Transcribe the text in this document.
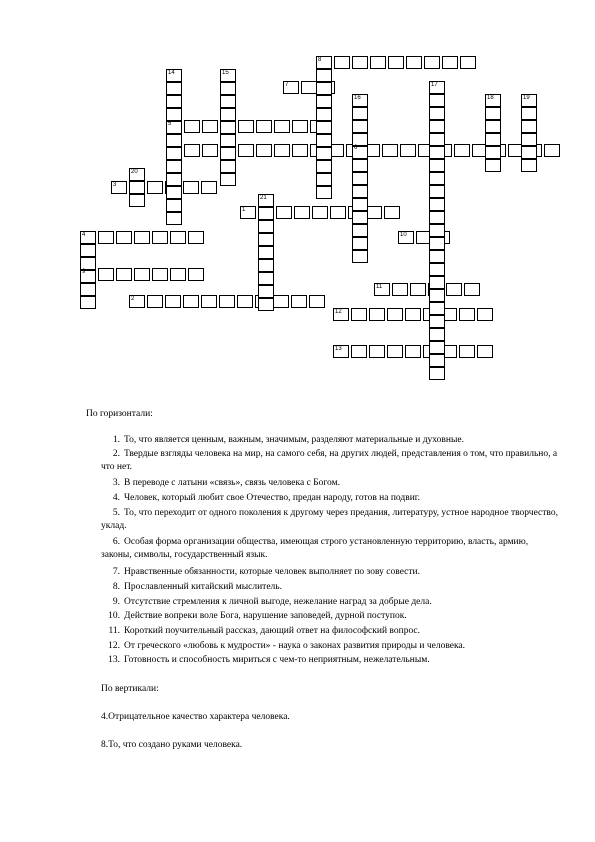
8
14	15
7
16
17
18	19
5
6
20
3
21
1
4	10
9
11
2
12
13
По горизонтали:
1. То, что является ценным, важным, значимым, разделяют материальные и духовные.
2. Твердые взгляды человека на мир, на самого себя, на других людей, представления о том, что правильно, а что нет.
3. В переводе с латыни «связь», связь человека с Богом.
4. Человек, который любит свое Отечество, предан народу, готов на подвиг.
5. То, что переходит от одного поколения к другому через предания, литературу, устное народное творчество, уклад.
6. Особая форма организации общества, имеющая строго установленную территорию, власть, армию, законы, символы, государственный язык.
7. Нравственные обязанности, которые человек выполняет по зову совести.
8. Прославленный китайский мыслитель.
9. Отсутствие стремления к личной выгоде, нежелание наград за добрые дела.
10. Действие вопреки воле Бога, нарушение заповедей, дурной поступок.
11. Короткий поучительный рассказ, дающий ответ на философский вопрос.
12. От греческого «любовь к мудрости» - наука о законах развития природы и человека.
13. Готовность и способность мириться с чем-то неприятным, нежелательным.
По вертикали:
4.Отрицательное качество характера человека.
8.То, что создано руками человека.
